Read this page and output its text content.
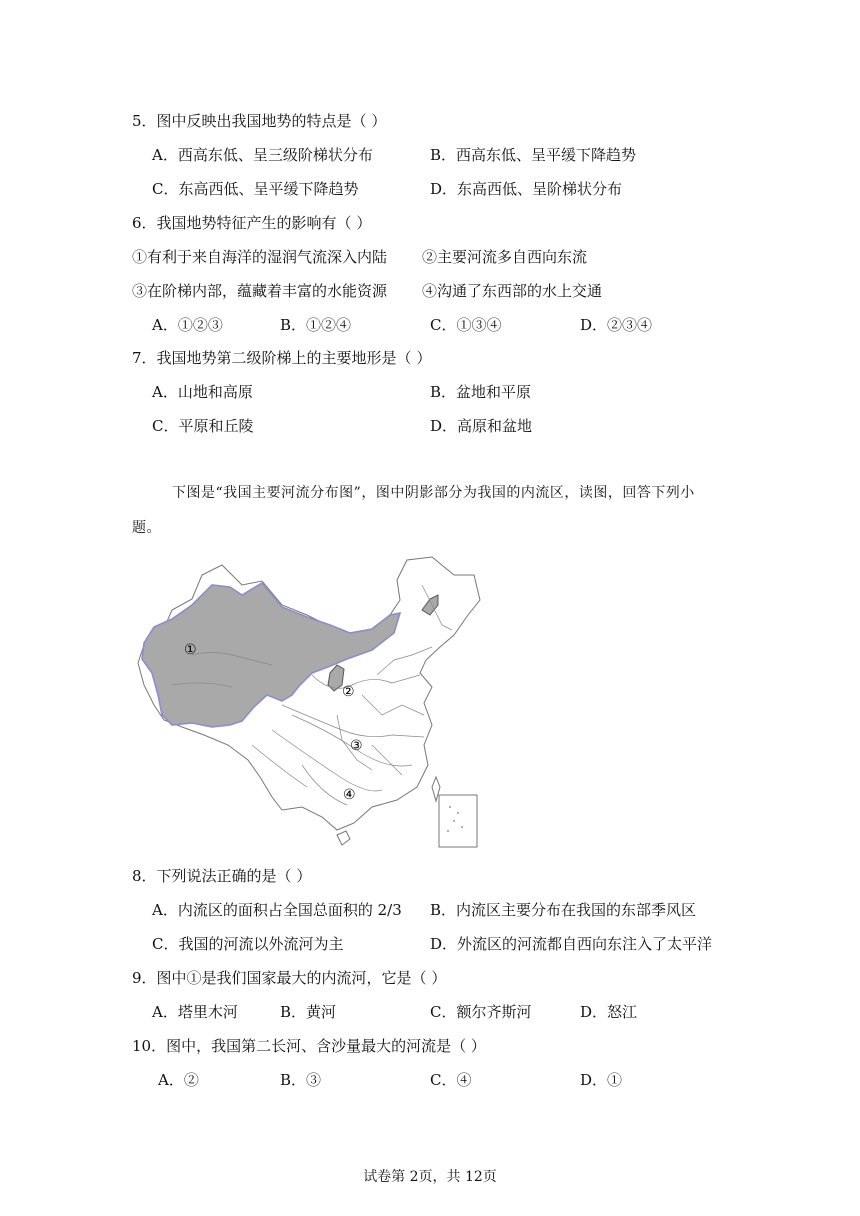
5．图中反映出我国地势的特点是（ ）
A．西高东低、呈三级阶梯状分布	B．西高东低、呈平缓下降趋势
C．东高西低、呈平缓下降趋势	D．东高西低、呈阶梯状分布
6．我国地势特征产生的影响有（ ）
①有利于来自海洋的湿润气流深入内陆 ②主要河流多自西向东流
③在阶梯内部，蕴藏着丰富的水能资源 ④沟通了东西部的水上交通
A．①②③	B．①②④	C．①③④	D．②③④
7．我国地势第二级阶梯上的主要地形是（ ）
A．山地和高原	B．盆地和平原
C．平原和丘陵	D．高原和盆地
下图是“我国主要河流分布图”，图中阴影部分为我国的内流区，读图，回答下列小
题。
①
②
③
④
8．下列说法正确的是（ ）
A．内流区的面积占全国总面积的 2/3 B．内流区主要分布在我国的东部季风区
C．我国的河流以外流河为主	D．外流区的河流都自西向东注入了太平洋
9．图中①是我们国家最大的内流河，它是（ ）
A．塔里木河	B．黄河	C．额尔齐斯河	D．怒江
10．图中，我国第二长河、含沙量最大的河流是（ ）
A．②	B．③	C．④	D．①
试卷第 2页，共 12页
